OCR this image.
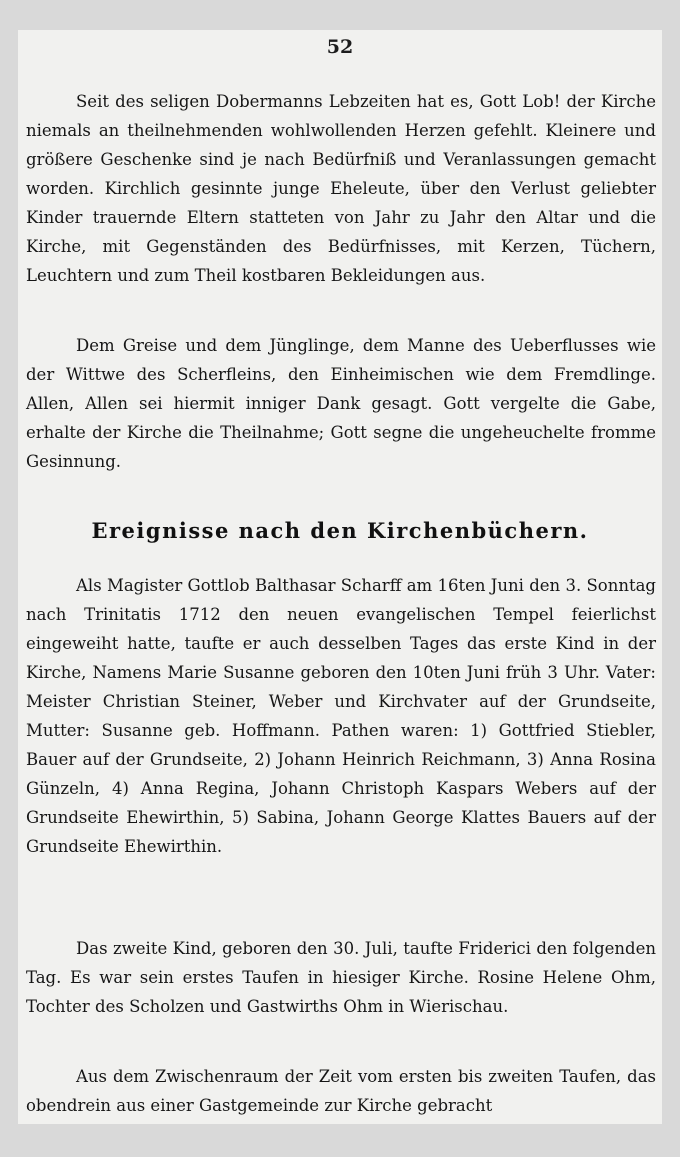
52

Seit des seligen Dobermanns Lebzeiten hat es, Gott Lob! der Kirche niemals an theilnehmenden wohlwollenden Herzen gefehlt. Kleinere und größere Geschenke sind je nach Bedürfniß und Veranlassungen gemacht worden. Kirchlich gesinnte junge Eheleute, über den Verlust geliebter Kinder trauernde Eltern statteten von Jahr zu Jahr den Altar und die Kirche, mit Gegenständen des Bedürfnisses, mit Kerzen, Tüchern, Leuchtern und zum Theil kostbaren Bekleidungen aus.

Dem Greise und dem Jünglinge, dem Manne des Ueberflusses wie der Wittwe des Scherfleins, den Einheimischen wie dem Fremdlinge. Allen, Allen sei hiermit inniger Dank gesagt. Gott vergelte die Gabe, erhalte der Kirche die Theilnahme; Gott segne die ungeheuchelte fromme Gesinnung.

Ereignisse nach den Kirchenbüchern.

Als Magister Gottlob Balthasar Scharff am 16ten Juni den 3. Sonntag nach Trinitatis 1712 den neuen evangelischen Tempel feierlichst eingeweiht hatte, taufte er auch desselben Tages das erste Kind in der Kirche, Namens Marie Susanne geboren den 10ten Juni früh 3 Uhr. Vater: Meister Christian Steiner, Weber und Kirchvater auf der Grundseite, Mutter: Susanne geb. Hoffmann. Pathen waren: 1) Gottfried Stiebler, Bauer auf der Grundseite, 2) Johann Heinrich Reichmann, 3) Anna Rosina Günzeln, 4) Anna Regina, Johann Christoph Kaspars Webers auf der Grundseite Ehewirthin, 5) Sabina, Johann George Klattes Bauers auf der Grundseite Ehewirthin.

Das zweite Kind, geboren den 30. Juli, taufte Friderici den folgenden Tag. Es war sein erstes Taufen in hiesiger Kirche. Rosine Helene Ohm, Tochter des Scholzen und Gastwirths Ohm in Wierischau.

Aus dem Zwischenraum der Zeit vom ersten bis zweiten Taufen, das obendrein aus einer Gastgemeinde zur Kirche gebracht
